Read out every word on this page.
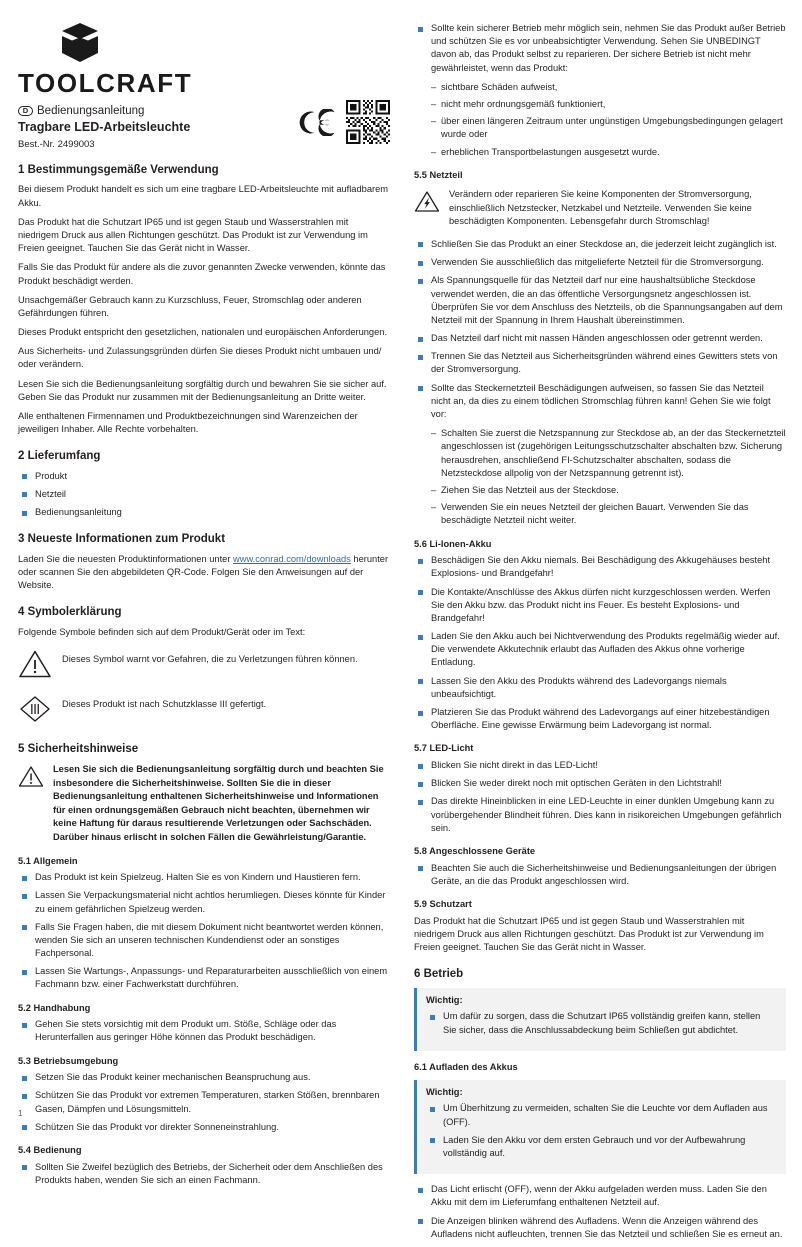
TOOLCRAFT
D Bedienungsanleitung
Tragbare LED-Arbeitsleuchte
Best.-Nr. 2499003
1 Bestimmungsgemäße Verwendung

Bei diesem Produkt handelt es sich um eine tragbare LED-Arbeitsleuchte mit aufladbarem Akku.

Das Produkt hat die Schutzart IP65 und ist gegen Staub und Wasserstrahlen mit niedrigem Druck aus allen Richtungen geschützt. Das Produkt ist zur Verwendung im Freien geeignet. Tauchen Sie das Gerät nicht in Wasser.

Falls Sie das Produkt für andere als die zuvor genannten Zwecke verwenden, könnte das Produkt beschädigt werden.

Unsachgemäßer Gebrauch kann zu Kurzschluss, Feuer, Stromschlag oder anderen Gefährdungen führen.

Dieses Produkt entspricht den gesetzlichen, nationalen und europäischen Anforderungen.

Aus Sicherheits- und Zulassungsgründen dürfen Sie dieses Produkt nicht umbauen und/ oder verändern.

Lesen Sie sich die Bedienungsanleitung sorgfältig durch und bewahren Sie sie sicher auf. Geben Sie das Produkt nur zusammen mit der Bedienungsanleitung an Dritte weiter.

Alle enthaltenen Firmennamen und Produktbezeichnungen sind Warenzeichen der jeweiligen Inhaber. Alle Rechte vorbehalten.

2 Lieferumfang
Produkt
Netzteil
Bedienungsanleitung
3 Neueste Informationen zum Produkt

Laden Sie die neuesten Produktinformationen unter www.conrad.com/downloads herunter oder scannen Sie den abgebildeten QR-Code. Folgen Sie den Anweisungen auf der Website.

4 Symbolerklärung

Folgende Symbole befinden sich auf dem Produkt/Gerät oder im Text:

Dieses Symbol warnt vor Gefahren, die zu Verletzungen führen können.
Dieses Produkt ist nach Schutzklasse III gefertigt.
5 Sicherheitshinweise
Lesen Sie sich die Bedienungsanleitung sorgfältig durch und beachten Sie insbesondere die Sicherheitshinweise. Sollten Sie die in dieser Bedienungsanleitung enthaltenen Sicherheitshinweise und Informationen für einen ordnungsgemäßen Gebrauch nicht beachten, übernehmen wir keine Haftung für daraus resultierende Verletzungen oder Sachschäden. Darüber hinaus erlischt in solchen Fällen die Gewährleistung/Garantie.
5.1 Allgemein
Das Produkt ist kein Spielzeug. Halten Sie es von Kindern und Haustieren fern.
Lassen Sie Verpackungsmaterial nicht achtlos herumliegen. Dieses könnte für Kinder zu einem gefährlichen Spielzeug werden.
Falls Sie Fragen haben, die mit diesem Dokument nicht beantwortet werden können, wenden Sie sich an unseren technischen Kundendienst oder an sonstiges Fachpersonal.
Lassen Sie Wartungs-, Anpassungs- und Reparaturarbeiten ausschließlich von einem Fachmann bzw. einer Fachwerkstatt durchführen.
5.2 Handhabung
Gehen Sie stets vorsichtig mit dem Produkt um. Stöße, Schläge oder das Herunterfallen aus geringer Höhe können das Produkt beschädigen.
5.3 Betriebsumgebung
Setzen Sie das Produkt keiner mechanischen Beanspruchung aus.
Schützen Sie das Produkt vor extremen Temperaturen, starken Stößen, brennbaren Gasen, Dämpfen und Lösungsmitteln.
Schützen Sie das Produkt vor direkter Sonneneinstrahlung.
5.4 Bedienung
Sollten Sie Zweifel bezüglich des Betriebs, der Sicherheit oder dem Anschließen des Produkts haben, wenden Sie sich an einen Fachmann.
Sollte kein sicherer Betrieb mehr möglich sein, nehmen Sie das Produkt außer Betrieb und schützen Sie es vor unbeabsichtigter Verwendung. Sehen Sie UNBEDINGT davon ab, das Produkt selbst zu reparieren. Der sichere Betrieb ist nicht mehr gewährleistet, wenn das Produkt:
– sichtbare Schäden aufweist,
– nicht mehr ordnungsgemäß funktioniert,
– über einen längeren Zeitraum unter ungünstigen Umgebungsbedingungen gelagert wurde oder
– erheblichen Transportbelastungen ausgesetzt wurde.
5.5 Netzteil
Verändern oder reparieren Sie keine Komponenten der Stromversorgung, einschließlich Netzstecker, Netzkabel und Netzteile. Verwenden Sie keine beschädigten Komponenten. Lebensgefahr durch Stromschlag!
Schließen Sie das Produkt an einer Steckdose an, die jederzeit leicht zugänglich ist.
Verwenden Sie ausschließlich das mitgelieferte Netzteil für die Stromversorgung.
Als Spannungsquelle für das Netzteil darf nur eine haushaltsübliche Steckdose verwendet werden, die an das öffentliche Versorgungsnetz angeschlossen ist. Überprüfen Sie vor dem Anschluss des Netzteils, ob die Spannungsangaben auf dem Netzteil mit der Spannung in Ihrem Haushalt übereinstimmen.
Das Netzteil darf nicht mit nassen Händen angeschlossen oder getrennt werden.
Trennen Sie das Netzteil aus Sicherheitsgründen während eines Gewitters stets von der Stromversorgung.
Sollte das Steckernetzteil Beschädigungen aufweisen, so fassen Sie das Netzteil nicht an, da dies zu einem tödlichen Stromschlag führen kann! Gehen Sie wie folgt vor:
– Schalten Sie zuerst die Netzspannung zur Steckdose ab, an der das Steckernetzteil angeschlossen ist (zugehörigen Leitungsschutzschalter abschalten bzw. Sicherung herausdrehen, anschließend FI-Schutzschalter abschalten, sodass die Netzsteckdose allpolig von der Netzspannung getrennt ist).
– Ziehen Sie das Netzteil aus der Steckdose.
– Verwenden Sie ein neues Netzteil der gleichen Bauart. Verwenden Sie das beschädigte Netzteil nicht weiter.
5.6 Li-Ionen-Akku
Beschädigen Sie den Akku niemals. Bei Beschädigung des Akkugehäuses besteht Explosions- und Brandgefahr!
Die Kontakte/Anschlüsse des Akkus dürfen nicht kurzgeschlossen werden. Werfen Sie den Akku bzw. das Produkt nicht ins Feuer. Es besteht Explosions- und Brandgefahr!
Laden Sie den Akku auch bei Nichtverwendung des Produkts regelmäßig wieder auf. Die verwendete Akkutechnik erlaubt das Aufladen des Akkus ohne vorherige Entladung.
Lassen Sie den Akku des Produkts während des Ladevorgangs niemals unbeaufsichtigt.
Platzieren Sie das Produkt während des Ladevorgangs auf einer hitzebeständigen Oberfläche. Eine gewisse Erwärmung beim Ladevorgang ist normal.
5.7 LED-Licht
Blicken Sie nicht direkt in das LED-Licht!
Blicken Sie weder direkt noch mit optischen Geräten in den Lichtstrahl!
Das direkte Hineinblicken in eine LED-Leuchte in einer dunklen Umgebung kann zu vorübergehender Blindheit führen. Dies kann in risikoreichen Umgebungen gefährlich sein.
5.8 Angeschlossene Geräte
Beachten Sie auch die Sicherheitshinweise und Bedienungsanleitungen der übrigen Geräte, an die das Produkt angeschlossen wird.
5.9 Schutzart

Das Produkt hat die Schutzart IP65 und ist gegen Staub und Wasserstrahlen mit niedrigem Druck aus allen Richtungen geschützt. Das Produkt ist zur Verwendung im Freien geeignet. Tauchen Sie das Gerät nicht in Wasser.

6 Betrieb
Wichtig:
Um dafür zu sorgen, dass die Schutzart IP65 vollständig greifen kann, stellen Sie sicher, dass die Anschlussabdeckung beim Schließen gut abdichtet.
6.1 Aufladen des Akkus
Wichtig:
Um Überhitzung zu vermeiden, schalten Sie die Leuchte vor dem Aufladen aus (OFF).
Laden Sie den Akku vor dem ersten Gebrauch und vor der Aufbewahrung vollständig auf.
Das Licht erlischt (OFF), wenn der Akku aufgeladen werden muss. Laden Sie den Akku mit dem im Lieferumfang enthaltenen Netzteil auf.
Die Anzeigen blinken während des Aufladens. Wenn die Anzeigen während des Aufladens nicht aufleuchten, trennen Sie das Netzteil und schließen Sie es erneut an.
1
